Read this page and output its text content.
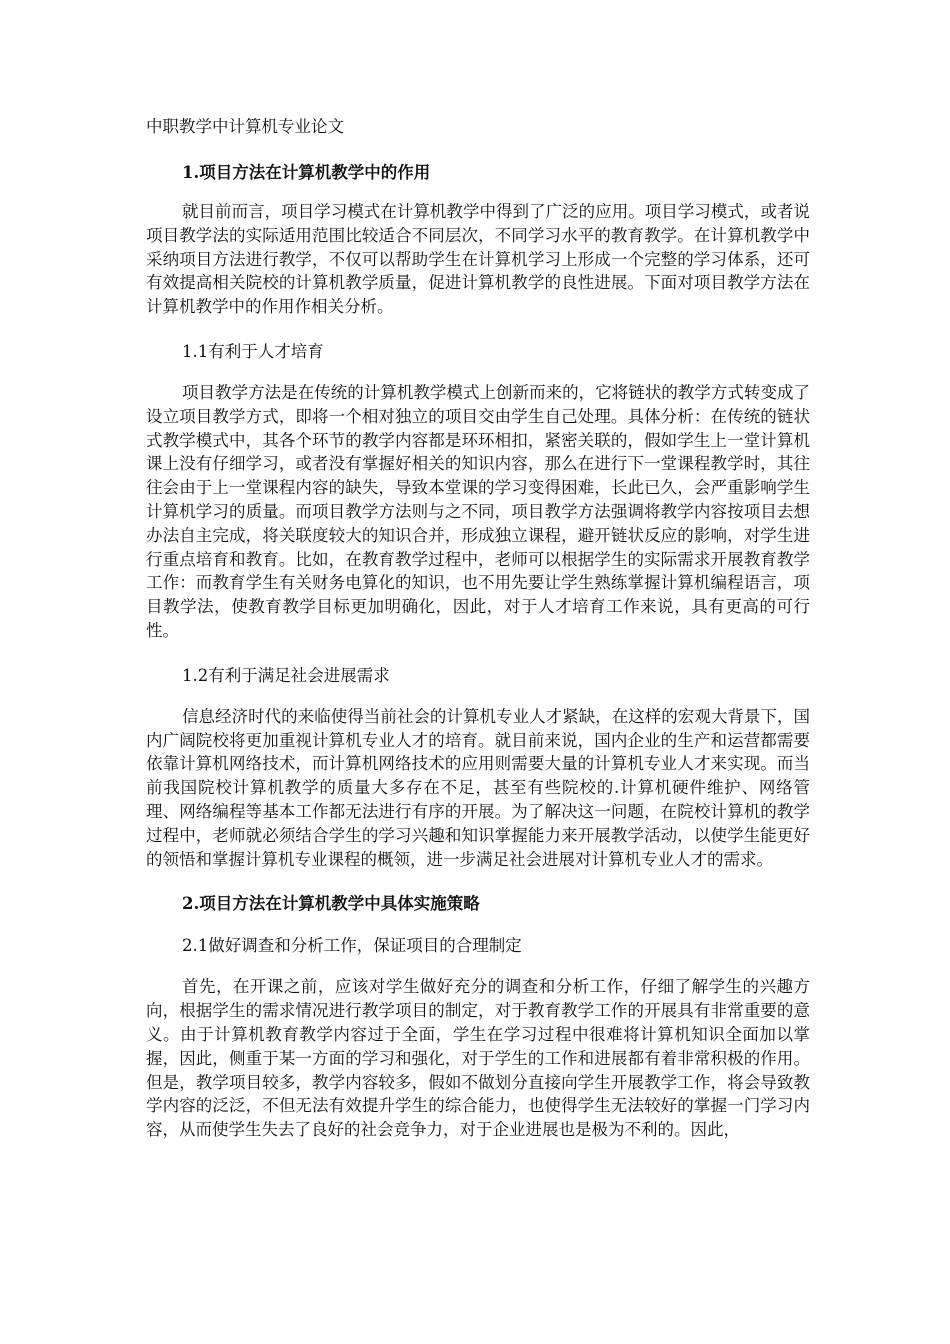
中职教学中计算机专业论文
1.项目方法在计算机教学中的作用
就目前而言，项目学习模式在计算机教学中得到了广泛的应用。项目学习模式，或者说项目教学法的实际适用范围比较适合不同层次，不同学习水平的教育教学。在计算机教学中采纳项目方法进行教学，不仅可以帮助学生在计算机学习上形成一个完整的学习体系，还可有效提高相关院校的计算机教学质量，促进计算机教学的良性进展。下面对项目教学方法在计算机教学中的作用作相关分析。
1.1有利于人才培育
项目教学方法是在传统的计算机教学模式上创新而来的，它将链状的教学方式转变成了设立项目教学方式，即将一个相对独立的项目交由学生自己处理。具体分析：在传统的链状式教学模式中，其各个环节的教学内容都是环环相扣，紧密关联的，假如学生上一堂计算机课上没有仔细学习，或者没有掌握好相关的知识内容，那么在进行下一堂课程教学时，其往往会由于上一堂课程内容的缺失，导致本堂课的学习变得困难，长此已久，会严重影响学生计算机学习的质量。而项目教学方法则与之不同，项目教学方法强调将教学内容按项目去想办法自主完成，将关联度较大的知识合并，形成独立课程，避开链状反应的影响，对学生进行重点培育和教育。比如，在教育教学过程中，老师可以根据学生的实际需求开展教育教学工作：而教育学生有关财务电算化的知识，也不用先要让学生熟练掌握计算机编程语言，项目教学法，使教育教学目标更加明确化，因此，对于人才培育工作来说，具有更高的可行性。
1.2有利于满足社会进展需求
信息经济时代的来临使得当前社会的计算机专业人才紧缺，在这样的宏观大背景下，国内广阔院校将更加重视计算机专业人才的培育。就目前来说，国内企业的生产和运营都需要依靠计算机网络技术，而计算机网络技术的应用则需要大量的计算机专业人才来实现。而当前我国院校计算机教学的质量大多存在不足，甚至有些院校的.计算机硬件维护、网络管理、网络编程等基本工作都无法进行有序的开展。为了解决这一问题，在院校计算机的教学过程中，老师就必须结合学生的学习兴趣和知识掌握能力来开展教学活动，以使学生能更好的领悟和掌握计算机专业课程的概领，进一步满足社会进展对计算机专业人才的需求。
2.项目方法在计算机教学中具体实施策略
2.1做好调查和分析工作，保证项目的合理制定
首先，在开课之前，应该对学生做好充分的调查和分析工作，仔细了解学生的兴趣方向，根据学生的需求情况进行教学项目的制定，对于教育教学工作的开展具有非常重要的意义。由于计算机教育教学内容过于全面，学生在学习过程中很难将计算机知识全面加以掌握，因此，侧重于某一方面的学习和强化，对于学生的工作和进展都有着非常积极的作用。但是，教学项目较多，教学内容较多，假如不做划分直接向学生开展教学工作，将会导致教学内容的泛泛，不但无法有效提升学生的综合能力，也使得学生无法较好的掌握一门学习内容，从而使学生失去了良好的社会竞争力，对于企业进展也是极为不利的。因此，
